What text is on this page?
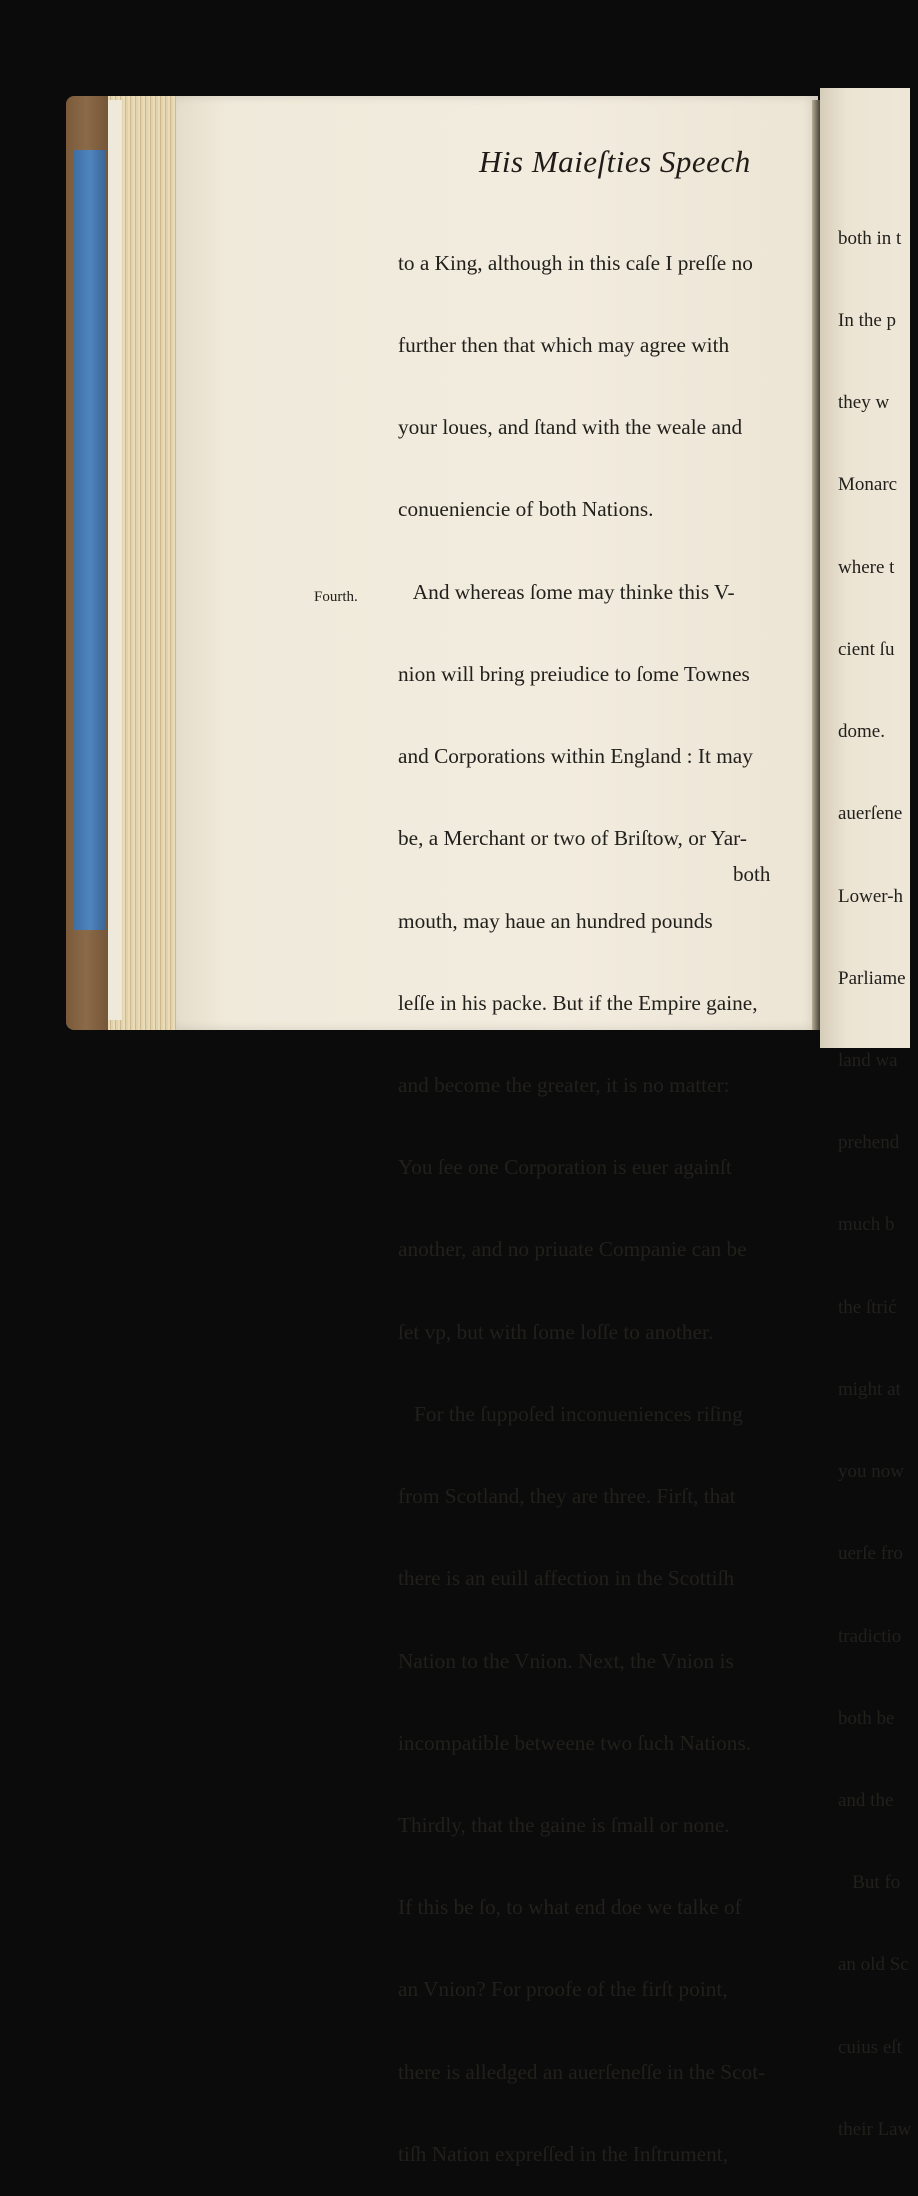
His Maieſties Speech
Fourth.

to a King, although in this caſe I preſſe no

further then that which may agree with

your loues, and ſtand with the weale and

conueniencie of both Nations.

And whereas ſome may thinke this V-

nion will bring preiudice to ſome Townes

and Corporations within England : It may

be, a Merchant or two of Briſtow, or Yar-

mouth, may haue an hundred pounds

leſſe in his packe. But if the Empire gaine,

and become the greater, it is no matter:

You ſee one Corporation is euer againſt

another, and no priuate Companie can be

ſet vp, but with ſome loſſe to another.

For the ſuppoſed inconueniences riſing

from Scotland, they are three. Firſt, that

there is an euill affection in the Scottiſh

Nation to the Vnion. Next, the Vnion is

incompatible betweene two ſuch Nations.

Thirdly, that the gaine is ſmall or none.

If this be ſo, to what end doe we talke of

an Vnion? For proofe of the firſt point,

there is alledged an auerſeneſſe in the Scot-

tiſh Nation expreſſed in the Inſtrument,

both

both in t

In the p

they w

Monarc

where t

cient ſu

dome.

auerſene

Lower-h

Parliame

land wa

prehend

much b

the ſtrić

might at

you now

uerſe fro

tradictio

both be

and the

But fo

an old Sc

cuius eſt

their Law
